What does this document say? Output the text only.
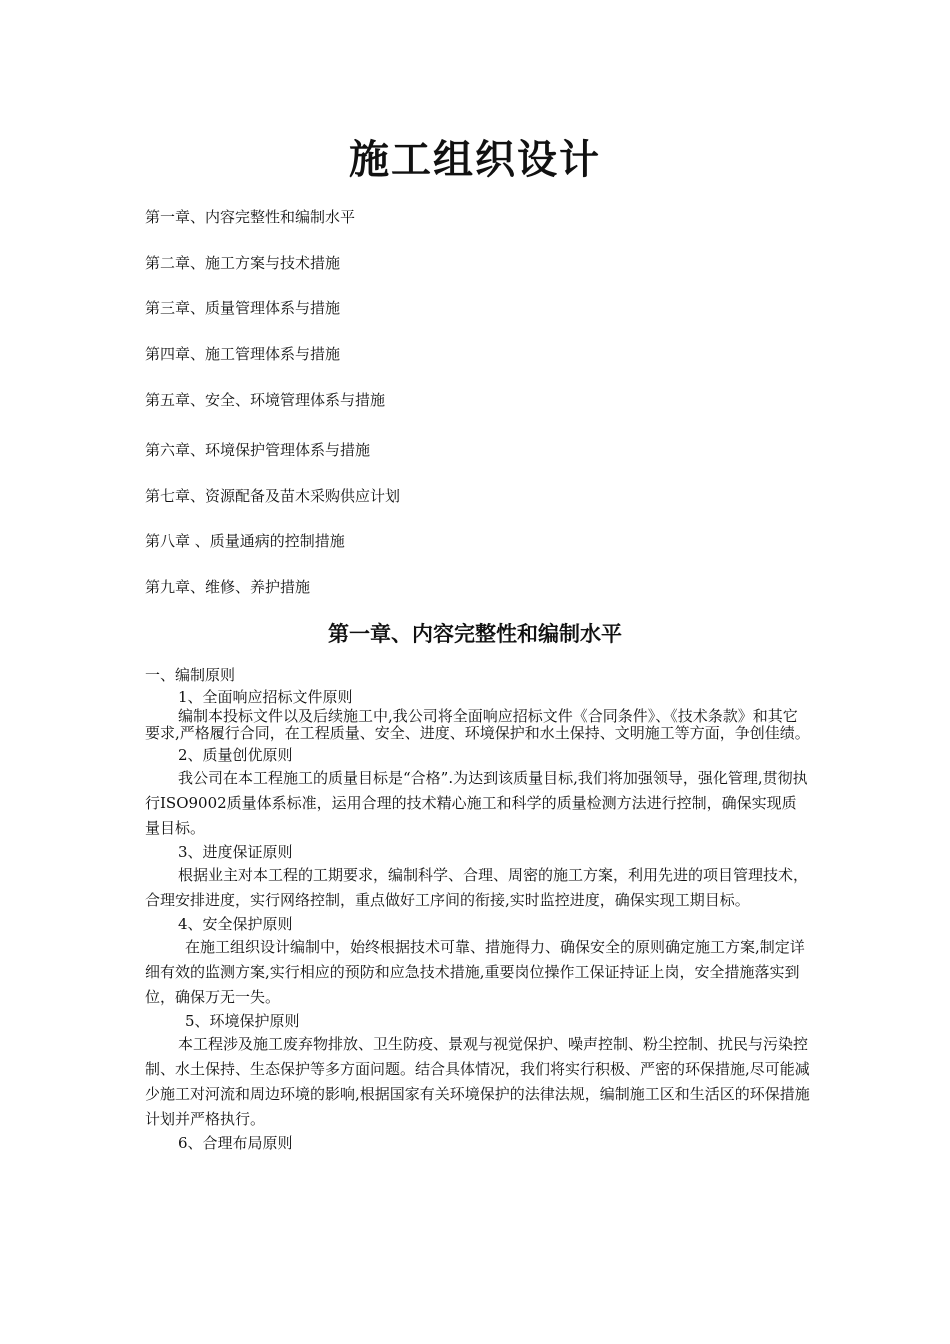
施工组织设计
第一章、内容完整性和编制水平
第二章、施工方案与技术措施
第三章、质量管理体系与措施
第四章、施工管理体系与措施
第五章、安全、环境管理体系与措施
第六章、环境保护管理体系与措施
第七章、资源配备及苗木采购供应计划
第八章 、质量通病的控制措施
第九章、维修、养护措施
第一章、内容完整性和编制水平

一、编制原则

1、全面响应招标文件原则

编制本投标文件以及后续施工中,我公司将全面响应招标文件《合同条件》、《技术条款》和其它要求,严格履行合同，在工程质量、安全、进度、环境保护和水土保持、文明施工等方面，争创佳绩。

2、质量创优原则

我公司在本工程施工的质量目标是“合格”.为达到该质量目标,我们将加强领导，强化管理,贯彻执行ISO9002质量体系标准，运用合理的技术精心施工和科学的质量检测方法进行控制，确保实现质量目标。

3、进度保证原则

根据业主对本工程的工期要求，编制科学、合理、周密的施工方案，利用先进的项目管理技术，合理安排进度，实行网络控制，重点做好工序间的衔接,实时监控进度，确保实现工期目标。

4、安全保护原则

在施工组织设计编制中，始终根据技术可靠、措施得力、确保安全的原则确定施工方案,制定详细有效的监测方案,实行相应的预防和应急技术措施,重要岗位操作工保证持证上岗，安全措施落实到位，确保万无一失。

5、环境保护原则

本工程涉及施工废弃物排放、卫生防疫、景观与视觉保护、噪声控制、粉尘控制、扰民与污染控制、水土保持、生态保护等多方面问题。结合具体情况，我们将实行积极、严密的环保措施,尽可能减少施工对河流和周边环境的影响,根据国家有关环境保护的法律法规，编制施工区和生活区的环保措施计划并严格执行。

6、合理布局原则
